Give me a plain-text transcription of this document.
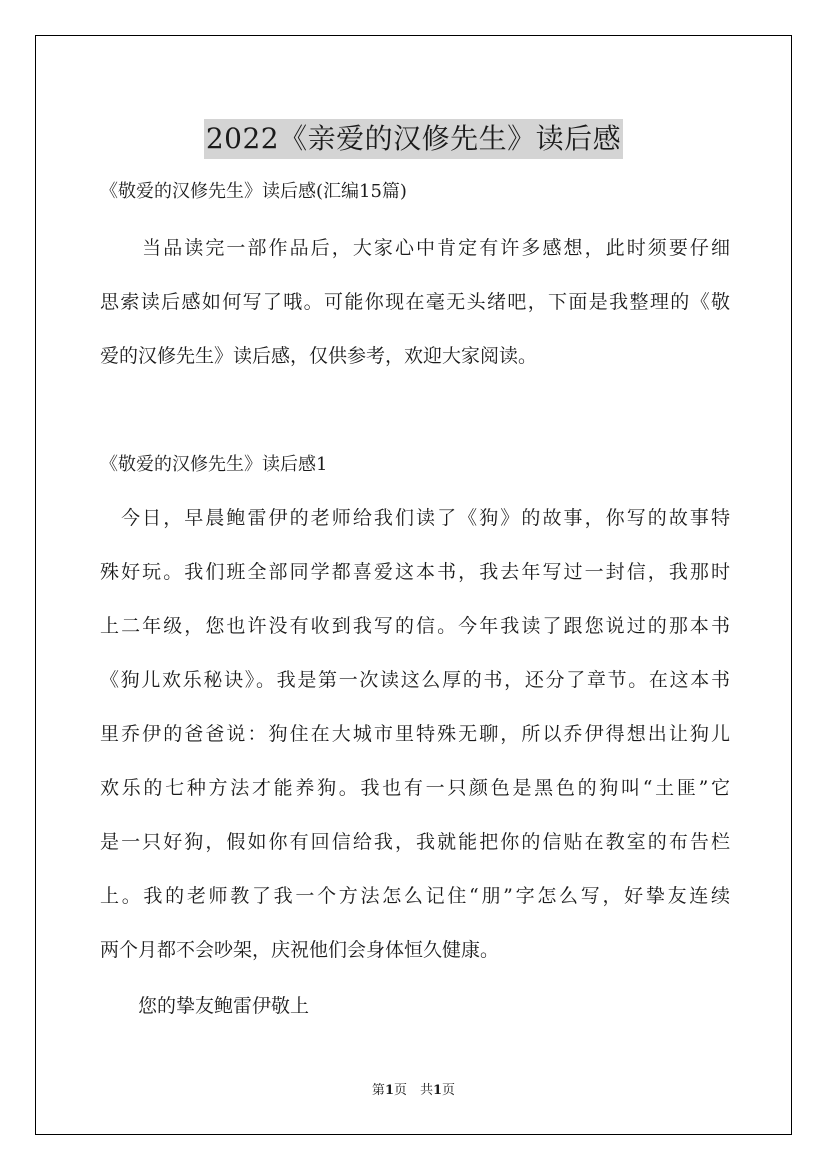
2022《亲爱的汉修先生》读后感
《敬爱的汉修先生》读后感(汇编15篇)
　　当品读完一部作品后，大家心中肯定有许多感想，此时须要仔细
思索读后感如何写了哦。可能你现在毫无头绪吧，下面是我整理的《敬
爱的汉修先生》读后感，仅供参考，欢迎大家阅读。
《敬爱的汉修先生》读后感1
　今日，早晨鲍雷伊的老师给我们读了《狗》的故事，你写的故事特
殊好玩。我们班全部同学都喜爱这本书，我去年写过一封信，我那时
上二年级，您也许没有收到我写的信。今年我读了跟您说过的那本书
《狗儿欢乐秘诀》。我是第一次读这么厚的书，还分了章节。在这本书
里乔伊的爸爸说：狗住在大城市里特殊无聊，所以乔伊得想出让狗儿
欢乐的七种方法才能养狗。我也有一只颜色是黑色的狗叫“土匪”它
是一只好狗，假如你有回信给我，我就能把你的信贴在教室的布告栏
上。我的老师教了我一个方法怎么记住“朋”字怎么写，好挚友连续
两个月都不会吵架，庆祝他们会身体恒久健康。
　　您的挚友鲍雷伊敬上
第1页　共1页
